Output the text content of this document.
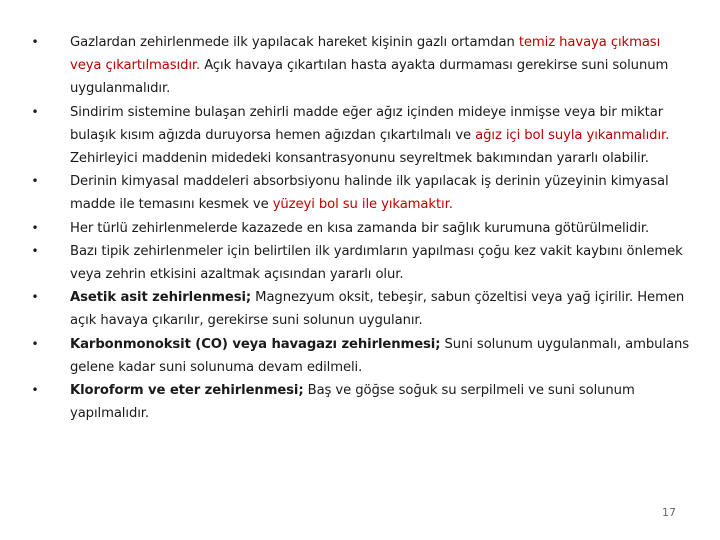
• Gazlardan zehirlenmede ilk yapılacak hareket kişinin gazlı ortamdan temiz havaya çıkması veya çıkartılmasıdır. Açık havaya çıkartılan hasta ayakta durmaması gerekirse suni solunum uygulanmalıdır.
• Sindirim sistemine bulaşan zehirli madde eğer ağız içinden mideye inmişse veya bir miktar bulaşık kısım ağızda duruyorsa hemen ağızdan çıkartılmalı ve ağız içi bol suyla yıkanmalıdır. Zehirleyici maddenin midedeki konsantrasyonunu seyreltmek bakımından yararlı olabilir.
• Derinin kimyasal maddeleri absorbsiyonu halinde ilk yapılacak iş derinin yüzeyinin kimyasal madde ile temasını kesmek ve yüzeyi bol su ile yıkamaktır.
• Her türlü zehirlenmelerde kazazede en kısa zamanda bir sağlık kurumuna götürülmelidir.
• Bazı tipik zehirlenmeler için belirtilen ilk yardımların yapılması çoğu kez vakit kaybını önlemek veya zehrin etkisini azaltmak açısından yararlı olur.
• Asetik asit zehirlenmesi; Magnezyum oksit, tebeşir, sabun çözeltisi veya yağ içirilir. Hemen açık havaya çıkarılır, gerekirse suni solunun uygulanır.
• Karbonmonoksit (CO) veya havagazı zehirlenmesi; Suni solunum uygulanmalı, ambulans gelene kadar suni solunuma devam edilmeli.
• Kloroform ve eter zehirlenmesi; Baş ve göğse soğuk su serpilmeli ve suni solunum yapılmalıdır.
17
